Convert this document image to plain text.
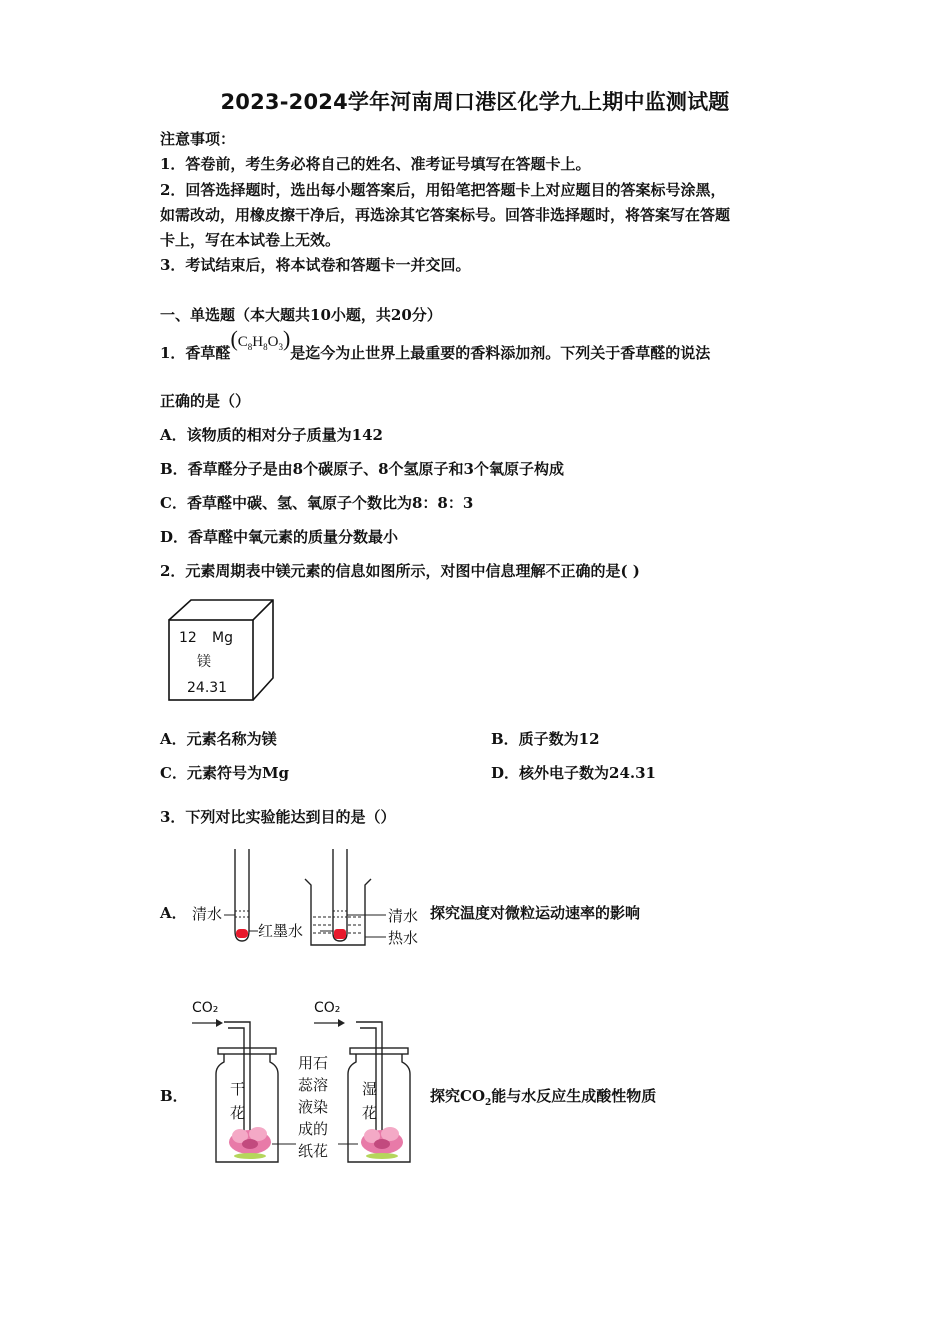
2023-2024学年河南周口港区化学九上期中监测试题
注意事项：
1．答卷前，考生务必将自己的姓名、准考证号填写在答题卡上。
2．回答选择题时，选出每小题答案后，用铅笔把答题卡上对应题目的答案标号涂黑，
如需改动，用橡皮擦干净后，再选涂其它答案标号。回答非选择题时，将答案写在答题
卡上，写在本试卷上无效。
3．考试结束后，将本试卷和答题卡一并交回。
一、单选题（本大题共10小题，共20分）
1．香草醛$(C_8H_8O_3)$是迄今为止世界上最重要的香料添加剂。下列关于香草醛的说法
正确的是（）
A．该物质的相对分子质量为142
B．香草醛分子是由8个碳原子、8个氢原子和3个氧原子构成
C．香草醛中碳、氢、氧原子个数比为8：8：3
D．香草醛中氧元素的质量分数最小
2．元素周期表中镁元素的信息如图所示，对图中信息理解不正确的是( )
12 Mg
镁
24.31
A．元素名称为镁	B．质子数为12
C．元素符号为Mg	D．核外电子数为24.31
3．下列对比实验能达到目的是（）
A． 清水
红墨水
清水
热水
探究温度对微粒运动速率的影响
B．
CO₂	CO₂
干
花
用石
蕊溶
液染
成的
纸花
湿
花
探究$CO_2$能与水反应生成酸性物质
